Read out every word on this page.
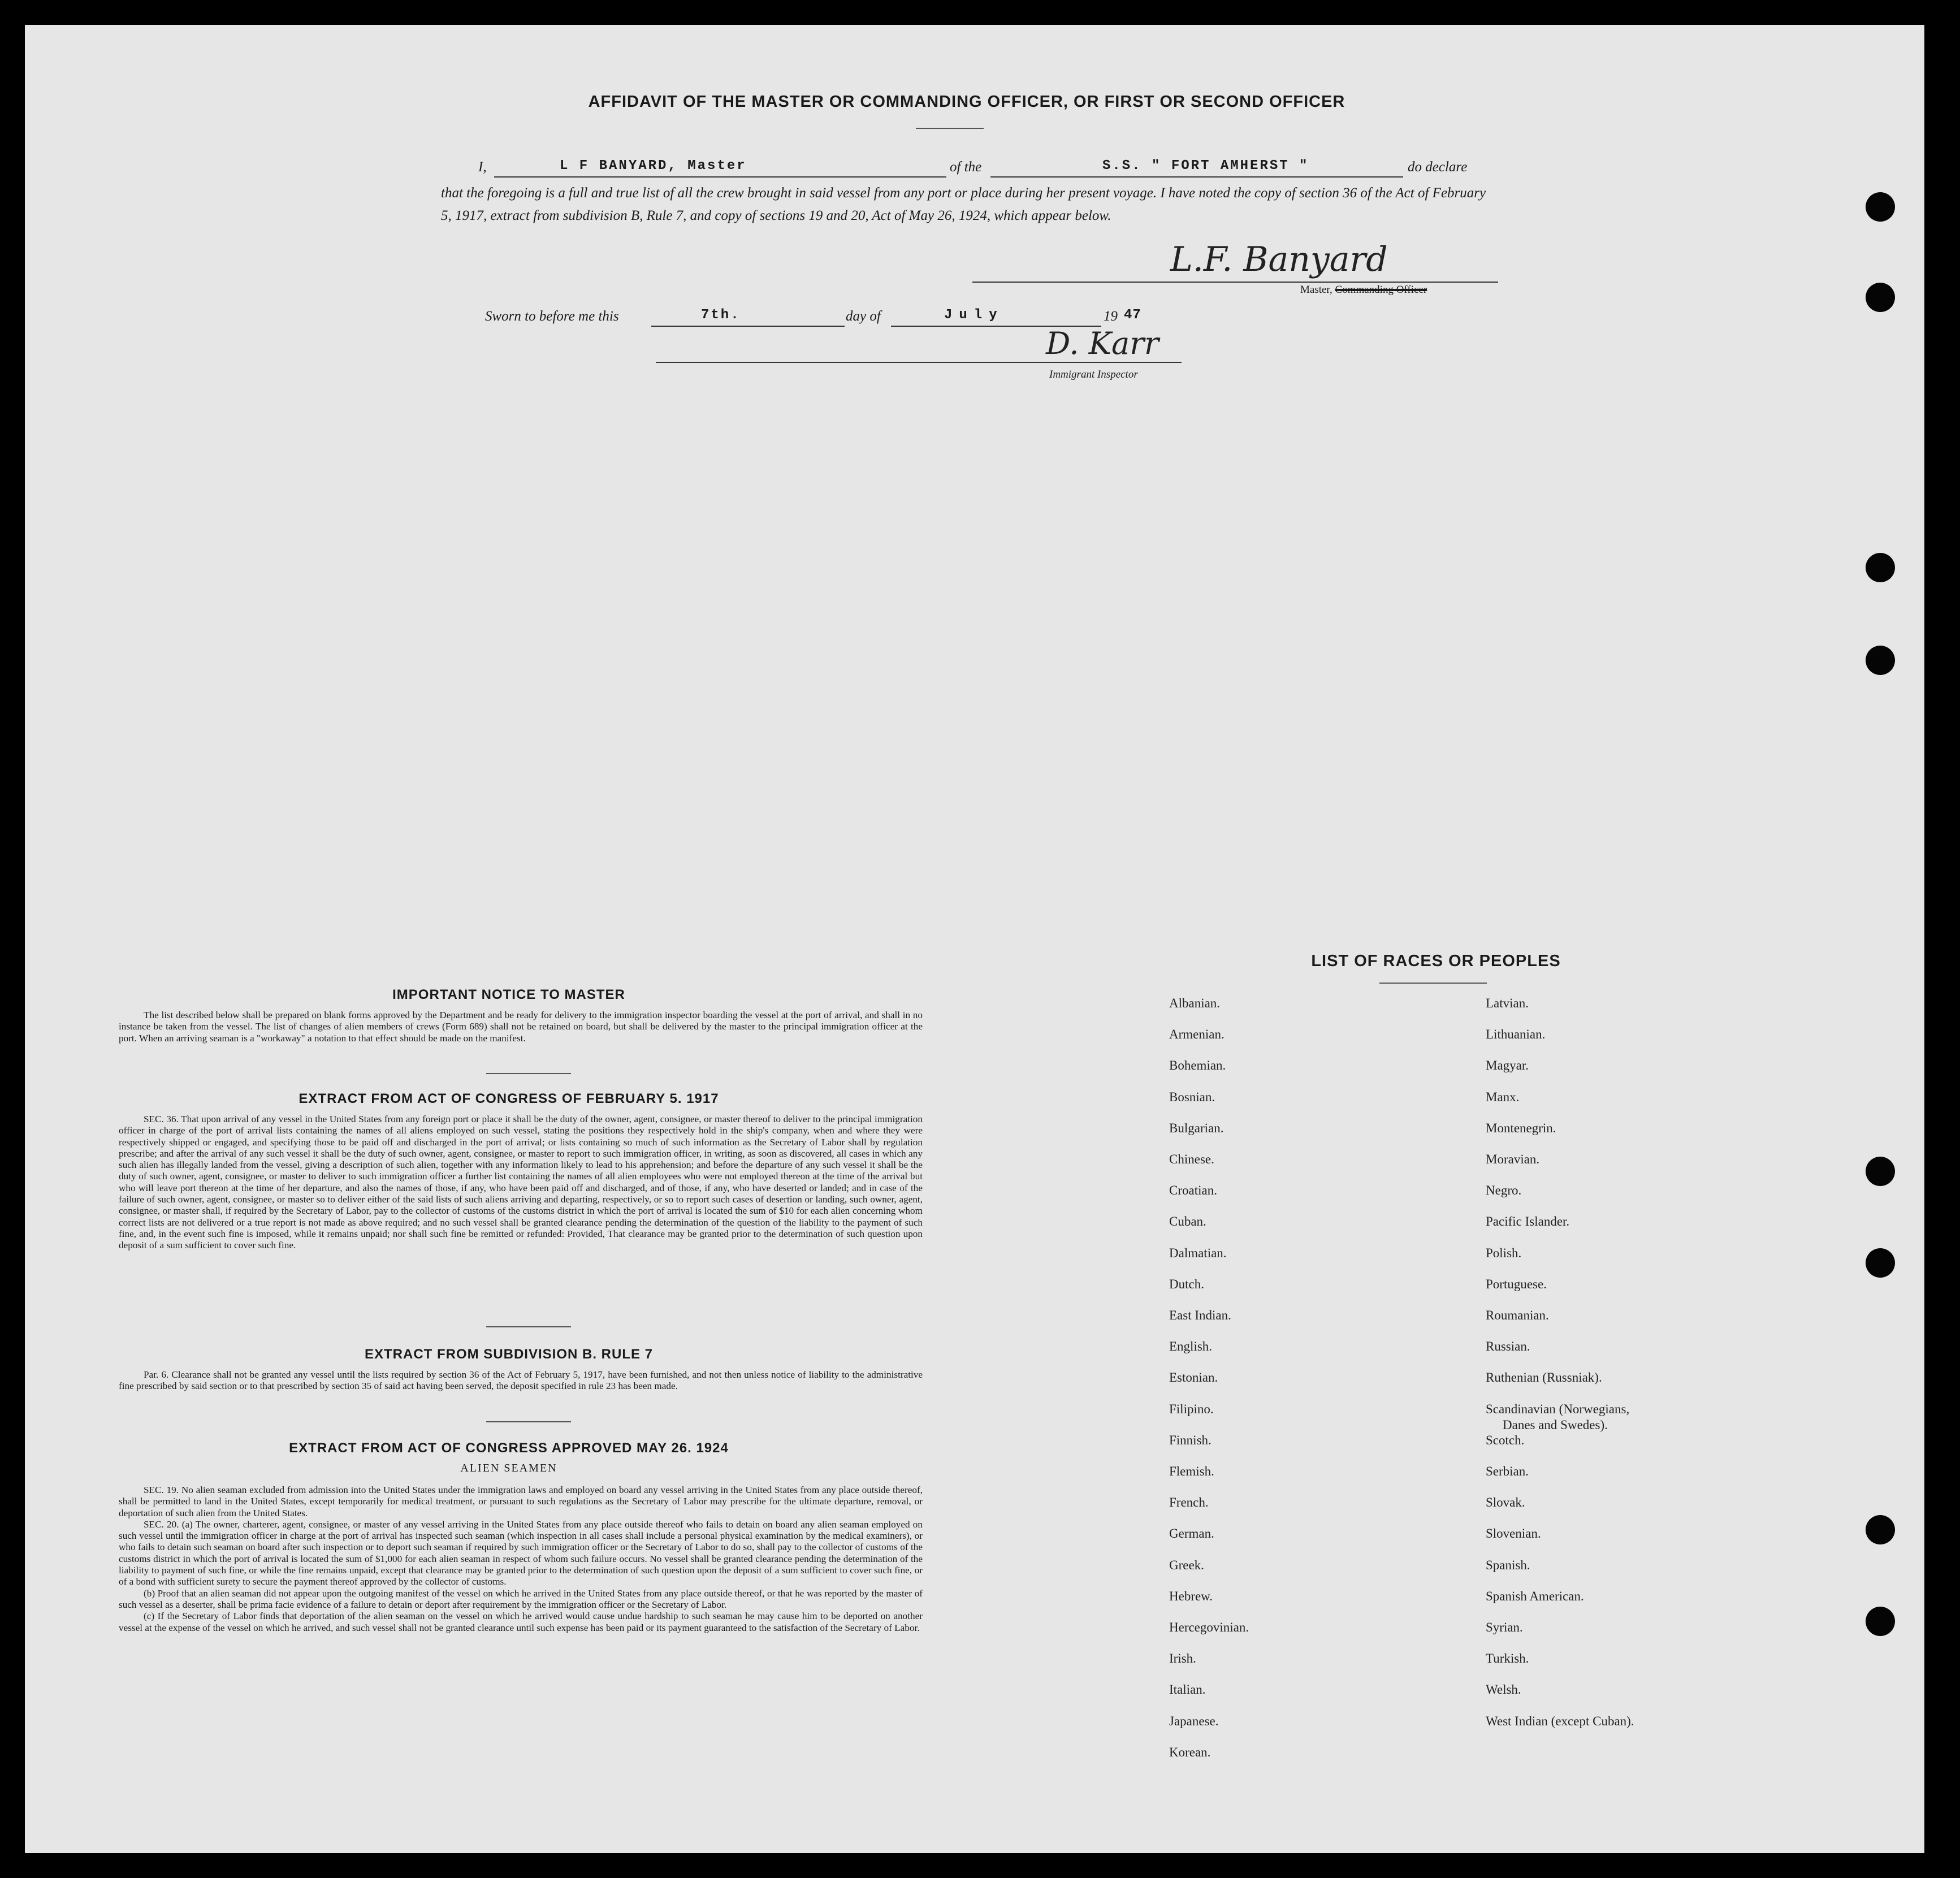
AFFIDAVIT OF THE MASTER OR COMMANDING OFFICER, OR FIRST OR SECOND OFFICER
I,	L F BANYARD, Master	of the	S.S. " FORT AMHERST "	do declare
that the foregoing is a full and true list of all the crew brought in said vessel from any port or place during her present voyage. I have noted the copy of section 36 of the Act of February 5, 1917, extract from subdivision B, Rule 7, and copy of sections 19 and 20, Act of May 26, 1924, which appear below.
L.F. Banyard
Master, Commanding Officer
Sworn to before me this	7th.	day of	July	19 47
D. Karr
Immigrant Inspector
IMPORTANT NOTICE TO MASTER

The list described below shall be prepared on blank forms approved by the Department and be ready for delivery to the immigration inspector boarding the vessel at the port of arrival, and shall in no instance be taken from the vessel. The list of changes of alien members of crews (Form 689) shall not be retained on board, but shall be delivered by the master to the principal immigration officer at the port. When an arriving seaman is a "workaway" a notation to that effect should be made on the manifest.

EXTRACT FROM ACT OF CONGRESS OF FEBRUARY 5. 1917

SEC. 36. That upon arrival of any vessel in the United States from any foreign port or place it shall be the duty of the owner, agent, consignee, or master thereof to deliver to the principal immigration officer in charge of the port of arrival lists containing the names of all aliens employed on such vessel, stating the positions they respectively hold in the ship's company, when and where they were respectively shipped or engaged, and specifying those to be paid off and discharged in the port of arrival; or lists containing so much of such information as the Secretary of Labor shall by regulation prescribe; and after the arrival of any such vessel it shall be the duty of such owner, agent, consignee, or master to report to such immigration officer, in writing, as soon as discovered, all cases in which any such alien has illegally landed from the vessel, giving a description of such alien, together with any information likely to lead to his apprehension; and before the departure of any such vessel it shall be the duty of such owner, agent, consignee, or master to deliver to such immigration officer a further list containing the names of all alien employees who were not employed thereon at the time of the arrival but who will leave port thereon at the time of her departure, and also the names of those, if any, who have been paid off and discharged, and of those, if any, who have deserted or landed; and in case of the failure of such owner, agent, consignee, or master so to deliver either of the said lists of such aliens arriving and departing, respectively, or so to report such cases of desertion or landing, such owner, agent, consignee, or master shall, if required by the Secretary of Labor, pay to the collector of customs of the customs district in which the port of arrival is located the sum of $10 for each alien concerning whom correct lists are not delivered or a true report is not made as above required; and no such vessel shall be granted clearance pending the determination of the question of the liability to the payment of such fine, and, in the event such fine is imposed, while it remains unpaid; nor shall such fine be remitted or refunded: Provided, That clearance may be granted prior to the determination of such question upon deposit of a sum sufficient to cover such fine.

EXTRACT FROM SUBDIVISION B. RULE 7

Par. 6. Clearance shall not be granted any vessel until the lists required by section 36 of the Act of February 5, 1917, have been furnished, and not then unless notice of liability to the administrative fine prescribed by said section or to that prescribed by section 35 of said act having been served, the deposit specified in rule 23 has been made.

EXTRACT FROM ACT OF CONGRESS APPROVED MAY 26. 1924
ALIEN SEAMEN

SEC. 19. No alien seaman excluded from admission into the United States under the immigration laws and employed on board any vessel arriving in the United States from any place outside thereof, shall be permitted to land in the United States, except temporarily for medical treatment, or pursuant to such regulations as the Secretary of Labor may prescribe for the ultimate departure, removal, or deportation of such alien from the United States.

SEC. 20. (a) The owner, charterer, agent, consignee, or master of any vessel arriving in the United States from any place outside thereof who fails to detain on board any alien seaman employed on such vessel until the immigration officer in charge at the port of arrival has inspected such seaman (which inspection in all cases shall include a personal physical examination by the medical examiners), or who fails to detain such seaman on board after such inspection or to deport such seaman if required by such immigration officer or the Secretary of Labor to do so, shall pay to the collector of customs of the customs district in which the port of arrival is located the sum of $1,000 for each alien seaman in respect of whom such failure occurs. No vessel shall be granted clearance pending the determination of the liability to payment of such fine, or while the fine remains unpaid, except that clearance may be granted prior to the determination of such question upon the deposit of a sum sufficient to cover such fine, or of a bond with sufficient surety to secure the payment thereof approved by the collector of customs.

(b) Proof that an alien seaman did not appear upon the outgoing manifest of the vessel on which he arrived in the United States from any place outside thereof, or that he was reported by the master of such vessel as a deserter, shall be prima facie evidence of a failure to detain or deport after requirement by the immigration officer or the Secretary of Labor.

(c) If the Secretary of Labor finds that deportation of the alien seaman on the vessel on which he arrived would cause undue hardship to such seaman he may cause him to be deported on another vessel at the expense of the vessel on which he arrived, and such vessel shall not be granted clearance until such expense has been paid or its payment guaranteed to the satisfaction of the Secretary of Labor.

LIST OF RACES OR PEOPLES
Albanian.
Armenian.
Bohemian.
Bosnian.
Bulgarian.
Chinese.
Croatian.
Cuban.
Dalmatian.
Dutch.
East Indian.
English.
Estonian.
Filipino.
Finnish.
Flemish.
French.
German.
Greek.
Hebrew.
Hercegovinian.
Irish.
Italian.
Japanese.
Korean.
Latvian.
Lithuanian.
Magyar.
Manx.
Montenegrin.
Moravian.
Negro.
Pacific Islander.
Polish.
Portuguese.
Roumanian.
Russian.
Ruthenian (Russniak).
Scandinavian (Norwegians,
Danes and Swedes).
Scotch.
Serbian.
Slovak.
Slovenian.
Spanish.
Spanish American.
Syrian.
Turkish.
Welsh.
West Indian (except Cuban).
